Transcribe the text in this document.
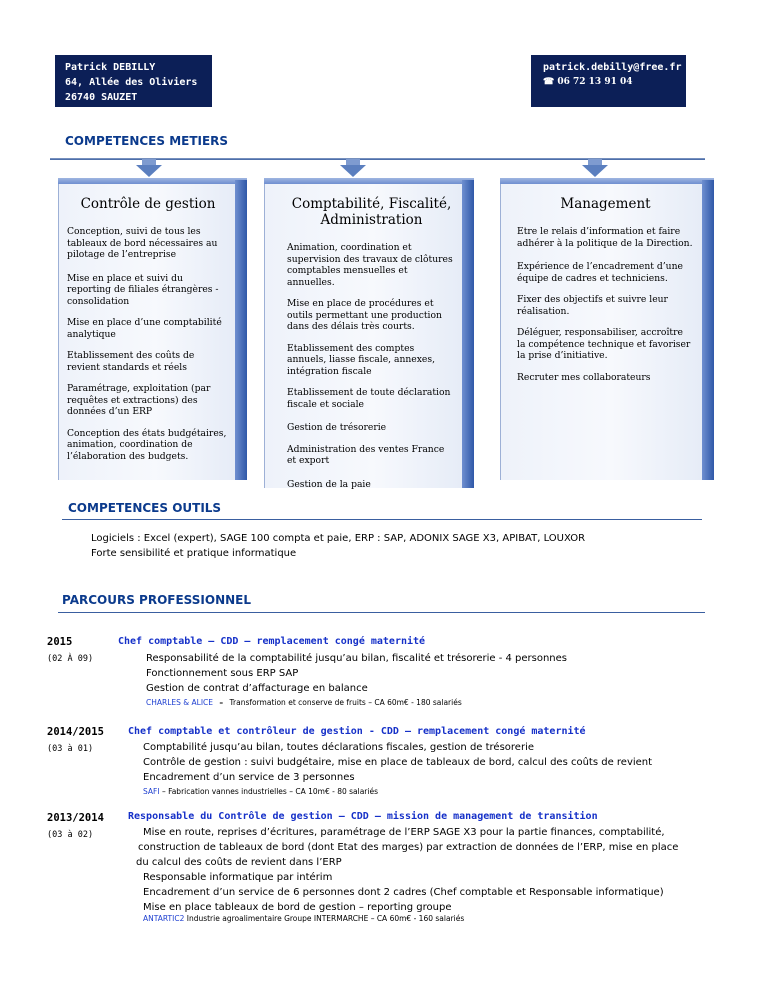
Patrick DEBILLY
64, Allée des Oliviers
26740 SAUZET
patrick.debilly@free.fr
☎ 06 72 13 91 04
COMPETENCES METIERS
Contrôle de gestion

Conception, suivi de tous les tableaux de bord nécessaires au pilotage de l’entreprise

Mise en place et suivi du reporting de filiales étrangères - consolidation

Mise en place d’une comptabilité analytique

Etablissement des coûts de revient standards et réels

Paramétrage, exploitation (par requêtes et extractions) des données d’un ERP

Conception des états budgétaires, animation, coordination de l’élaboration des budgets.

Comptabilité, Fiscalité, Administration

Animation, coordination et supervision des travaux de clôtures comptables mensuelles et annuelles.

Mise en place de procédures et outils permettant une production dans des délais très courts.

Etablissement des comptes annuels, liasse fiscale, annexes, intégration fiscale

Etablissement de toute déclaration fiscale et sociale

Gestion de trésorerie

Administration des ventes France et export

Gestion de la paie

Management

Etre le relais d’information et faire adhérer à la politique de la Direction.

Expérience de l’encadrement d’une équipe de cadres et techniciens.

Fixer des objectifs et suivre leur réalisation.

Déléguer, responsabiliser, accroître la compétence technique et favoriser la prise d’initiative.

Recruter mes collaborateurs

COMPETENCES OUTILS
Logiciels : Excel (expert), SAGE 100 compta et paie, ERP : SAP, ADONIX SAGE X3, APIBAT, LOUXOR
Forte sensibilité et pratique informatique
PARCOURS PROFESSIONNEL
2015
(02 À 09)
Chef comptable – CDD – remplacement congé maternité
Responsabilité de la comptabilité jusqu’au bilan, fiscalité et trésorerie - 4 personnes
Fonctionnement sous ERP SAP
Gestion de contrat d’affacturage en balance
CHARLES & ALICE – Transformation et conserve de fruits – CA 60m€ - 180 salariés
2014/2015
(03 à 01)
Chef comptable et contrôleur de gestion - CDD – remplacement congé maternité
Comptabilité jusqu’au bilan, toutes déclarations fiscales, gestion de trésorerie
Contrôle de gestion : suivi budgétaire, mise en place de tableaux de bord, calcul des coûts de revient
Encadrement d’un service de 3 personnes
SAFI – Fabrication vannes industrielles – CA 10m€ - 80 salariés
2013/2014
(03 à 02)
Responsable du Contrôle de gestion – CDD – mission de management de transition
Mise en route, reprises d’écritures, paramétrage de l’ERP SAGE X3 pour la partie finances, comptabilité,
construction de tableaux de bord (dont Etat des marges) par extraction de données de l’ERP, mise en place
du calcul des coûts de revient dans l’ERP
Responsable informatique par intérim
Encadrement d’un service de 6 personnes dont 2 cadres (Chef comptable et Responsable informatique)
Mise en place tableaux de bord de gestion – reporting groupe
ANTARTIC2 Industrie agroalimentaire Groupe INTERMARCHE – CA 60m€ - 160 salariés
